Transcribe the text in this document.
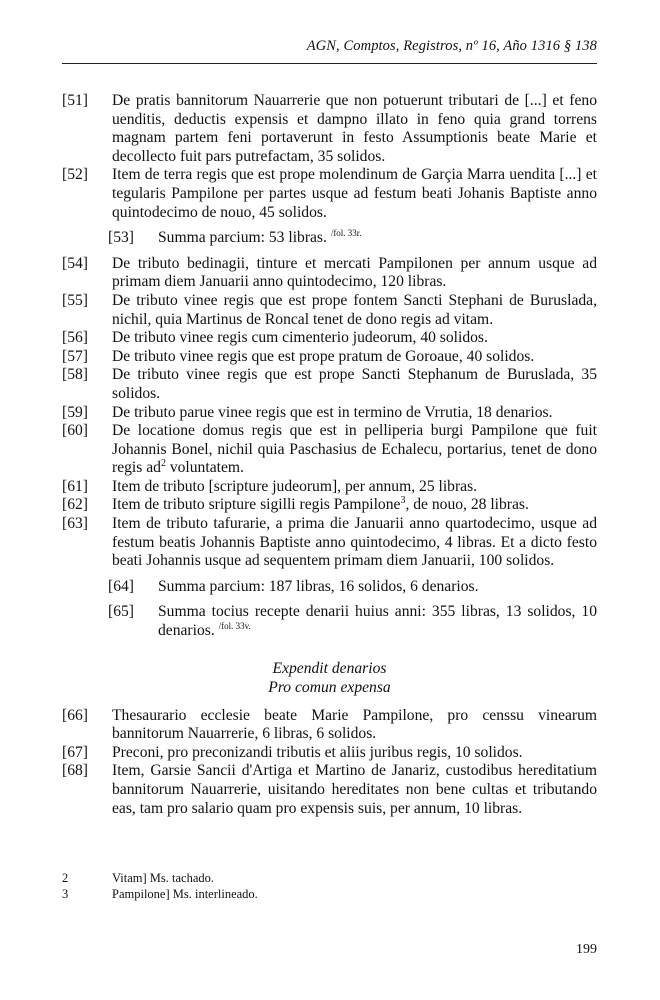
AGN, Comptos, Registros, nº 16, Año 1316 § 138
[51] De pratis bannitorum Nauarrerie que non potuerunt tributari de [...] et feno uenditis, deductis expensis et dampno illato in feno quia grand torrens magnam partem feni portaverunt in festo Assumptionis beate Marie et decollecto fuit pars putrefactam, 35 solidos.
[52] Item de terra regis que est prope molendinum de Garçia Marra uendita [...] et tegularis Pampilone per partes usque ad festum beati Johanis Baptiste anno quintodecimo de nouo, 45 solidos.
[53] Summa parcium: 53 libras. $^{/fol. 33r.}$
[54] De tributo bedinagii, tinture et mercati Pampilonen per annum usque ad primam diem Januarii anno quintodecimo, 120 libras.
[55] De tributo vinee regis que est prope fontem Sancti Stephani de Buruslada, nichil, quia Martinus de Roncal tenet de dono regis ad vitam.
[56] De tributo vinee regis cum cimenterio judeorum, 40 solidos.
[57] De tributo vinee regis que est prope pratum de Goroaue, 40 solidos.
[58] De tributo vinee regis que est prope Sancti Stephanum de Buruslada, 35 solidos.
[59] De tributo parue vinee regis que est in termino de Vrrutia, 18 denarios.
[60] De locatione domus regis que est in pelliperia burgi Pampilone que fuit Johannis Bonel, nichil quia Paschasius de Echalecu, portarius, tenet de dono regis ad$^2$ voluntatem.
[61] Item de tributo [scripture judeorum], per annum, 25 libras.
[62] Item de tributo sripture sigilli regis Pampilone$^3$, de nouo, 28 libras.
[63] Item de tributo tafurarie, a prima die Januarii anno quartodecimo, usque ad festum beatis Johannis Baptiste anno quintodecimo, 4 libras. Et a dicto festo beati Johannis usque ad sequentem primam diem Januarii, 100 solidos.
[64] Summa parcium: 187 libras, 16 solidos, 6 denarios.
[65] Summa tocius recepte denarii huius anni: 355 libras, 13 solidos, 10 denarios. $^{/fol. 33v.}$
Expendit denarios
Pro comun expensa
[66] Thesaurario ecclesie beate Marie Pampilone, pro censsu vinearum bannitorum Nauarrerie, 6 libras, 6 solidos.
[67] Preconi, pro preconizandi tributis et aliis juribus regis, 10 solidos.
[68] Item, Garsie Sancii d'Artiga et Martino de Janariz, custodibus hereditatium bannitorum Nauarrerie, uisitando hereditates non bene cultas et tributando eas, tam pro salario quam pro expensis suis, per annum, 10 libras.
2	Vitam] Ms. tachado.
3	Pampilone] Ms. interlineado.
199
